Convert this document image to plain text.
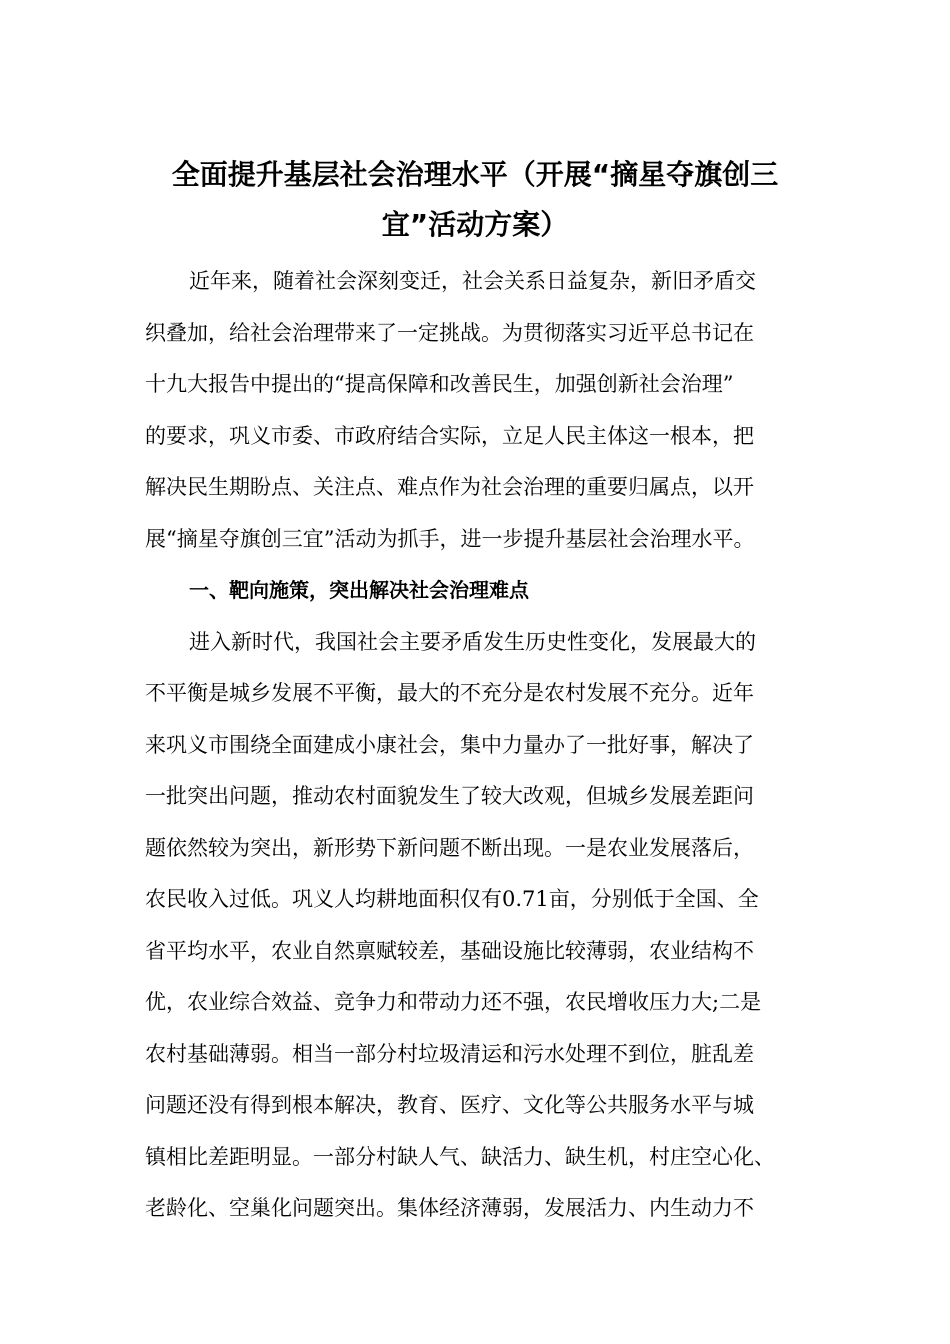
全面提升基层社会治理水平（开展“摘星夺旗创三
宜”活动方案）
近年来，随着社会深刻变迁，社会关系日益复杂，新旧矛盾交
织叠加，给社会治理带来了一定挑战。为贯彻落实习近平总书记在
十九大报告中提出的“提高保障和改善民生，加强创新社会治理”
的要求，巩义市委、市政府结合实际，立足人民主体这一根本，把
解决民生期盼点、关注点、难点作为社会治理的重要归属点，以开
展“摘星夺旗创三宜”活动为抓手，进一步提升基层社会治理水平。
一、靶向施策，突出解决社会治理难点
进入新时代，我国社会主要矛盾发生历史性变化，发展最大的
不平衡是城乡发展不平衡，最大的不充分是农村发展不充分。近年
来巩义市围绕全面建成小康社会，集中力量办了一批好事，解决了
一批突出问题，推动农村面貌发生了较大改观，但城乡发展差距问
题依然较为突出，新形势下新问题不断出现。一是农业发展落后，
农民收入过低。巩义人均耕地面积仅有0.71亩，分别低于全国、全
省平均水平，农业自然禀赋较差，基础设施比较薄弱，农业结构不
优，农业综合效益、竞争力和带动力还不强，农民增收压力大;二是
农村基础薄弱。相当一部分村垃圾清运和污水处理不到位，脏乱差
问题还没有得到根本解决，教育、医疗、文化等公共服务水平与城
镇相比差距明显。一部分村缺人气、缺活力、缺生机，村庄空心化、
老龄化、空巢化问题突出。集体经济薄弱，发展活力、内生动力不
